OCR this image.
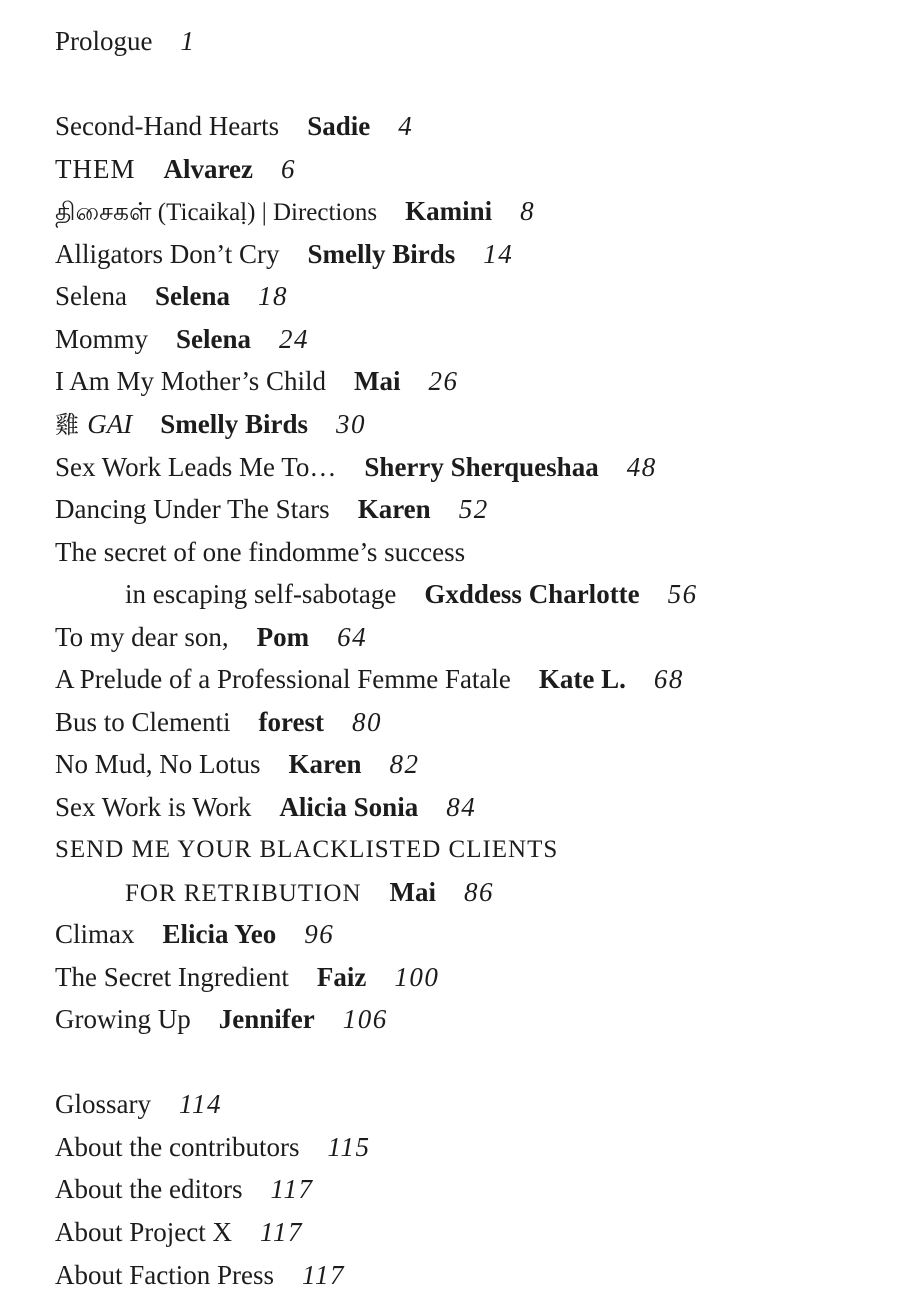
Prologue 1
Second-Hand Hearts Sadie 4
THEM Alvarez 6
திசைகள் (Ticaikaḷ) | Directions Kamini 8
Alligators Don’t Cry Smelly Birds 14
Selena Selena 18
Mommy Selena 24
I Am My Mother’s Child Mai 26
雞 GAI Smelly Birds 30
Sex Work Leads Me To… Sherry Sherqueshaa 48
Dancing Under The Stars Karen 52
The secret of one findomme’s success
in escaping self-sabotage Gxddess Charlotte 56
To my dear son, Pom 64
A Prelude of a Professional Femme Fatale Kate L. 68
Bus to Clementi forest 80
No Mud, No Lotus Karen 82
Sex Work is Work Alicia Sonia 84
SEND ME YOUR BLACKLISTED CLIENTS
FOR RETRIBUTION Mai 86
Climax Elicia Yeo 96
The Secret Ingredient Faiz 100
Growing Up Jennifer 106
Glossary 114
About the contributors 115
About the editors 117
About Project X 117
About Faction Press 117
